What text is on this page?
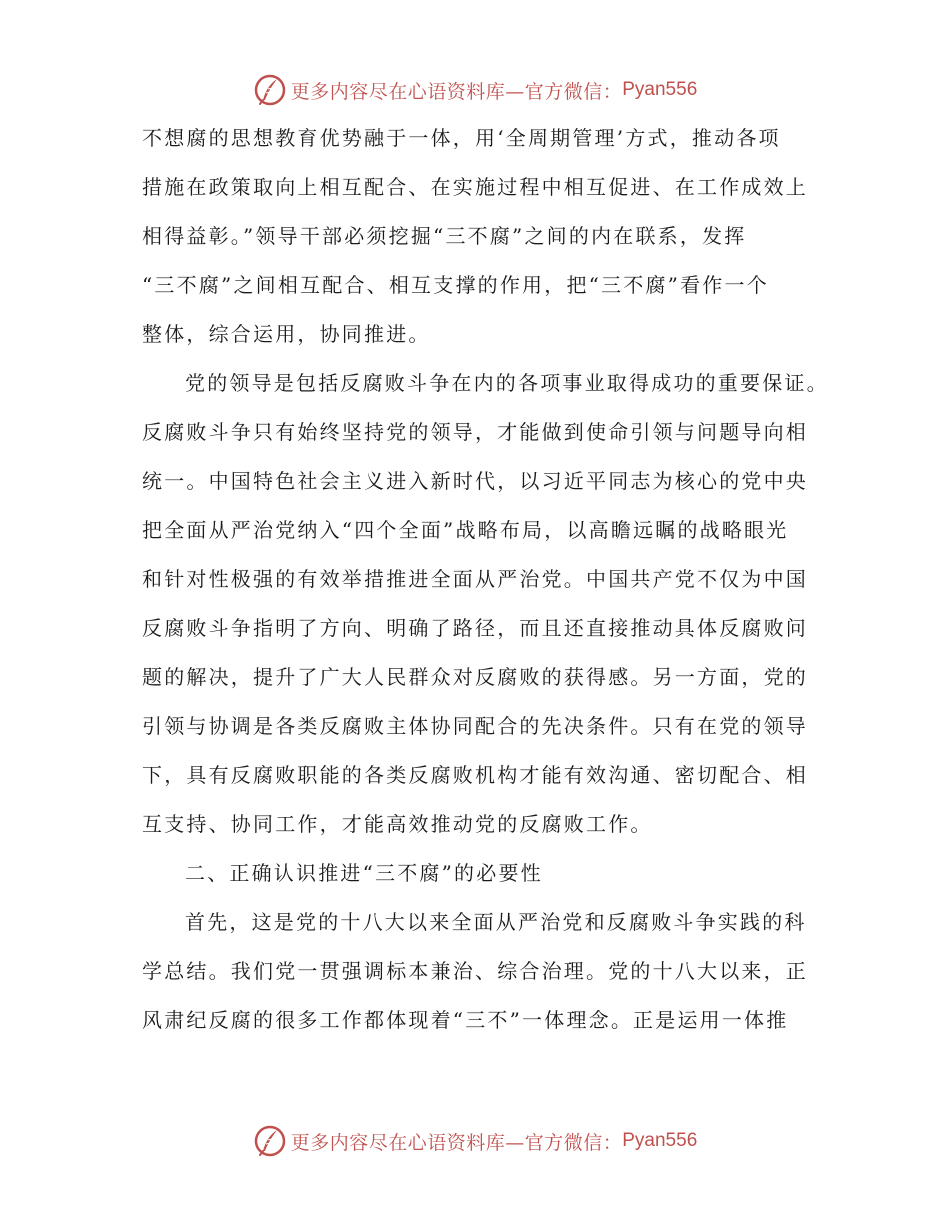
更多内容尽在心语资料库—官方微信： Pyan556
不想腐的思想教育优势融于一体，用‘全周期管理’方式，推动各项
措施在政策取向上相互配合、在实施过程中相互促进、在工作成效上
相得益彰。”领导干部必须挖掘“三不腐”之间的内在联系，发挥
“三不腐”之间相互配合、相互支撑的作用，把“三不腐”看作一个
整体，综合运用，协同推进。
党的领导是包括反腐败斗争在内的各项事业取得成功的重要保证。
反腐败斗争只有始终坚持党的领导，才能做到使命引领与问题导向相
统一。中国特色社会主义进入新时代，以习近平同志为核心的党中央
把全面从严治党纳入“四个全面”战略布局，以高瞻远瞩的战略眼光
和针对性极强的有效举措推进全面从严治党。中国共产党不仅为中国
反腐败斗争指明了方向、明确了路径，而且还直接推动具体反腐败问
题的解决，提升了广大人民群众对反腐败的获得感。另一方面，党的
引领与协调是各类反腐败主体协同配合的先决条件。只有在党的领导
下，具有反腐败职能的各类反腐败机构才能有效沟通、密切配合、相
互支持、协同工作，才能高效推动党的反腐败工作。
二、正确认识推进“三不腐”的必要性
首先，这是党的十八大以来全面从严治党和反腐败斗争实践的科
学总结。我们党一贯强调标本兼治、综合治理。党的十八大以来，正
风肃纪反腐的很多工作都体现着“三不”一体理念。正是运用一体推
更多内容尽在心语资料库—官方微信： Pyan556
